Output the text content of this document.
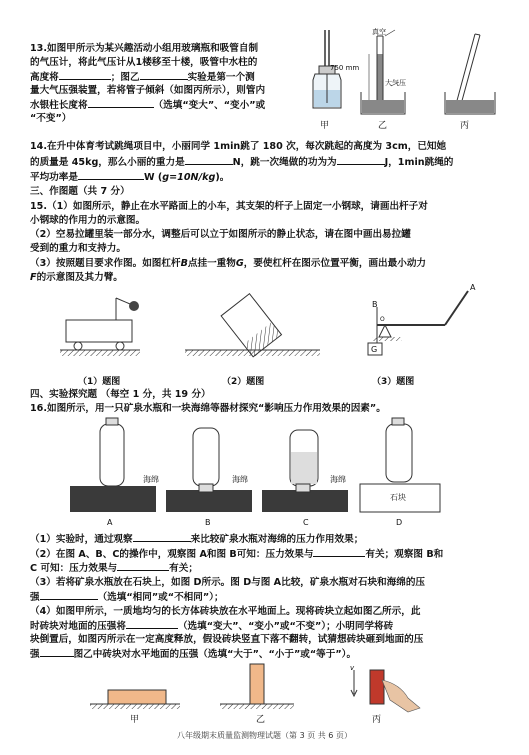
13.如图甲所示为某兴趣活动小组用玻璃瓶和吸管自制

的气压计，将此气压计从1楼移至十楼，吸管中水柱的

高度将	；图乙	实验是第一个测

量大气压强装置，若将管子倾斜（如图丙所示），则管内

水银柱长度将	（选填“变大”、“变小”或

“不变”）

真空
750 mm
大气压
甲	乙	丙

14.在升中体育考试跳绳项目中，小丽同学 1min跳了 180 次，每次跳起的高度为 3cm，已知她

的质量是 45kg，那么小丽的重力是	N，跳一次绳做的功为为	J，1min跳绳的

平均功率是	W (g=10N/kg)。

三、作图题（共 7 分）

15.（1）如图所示，静止在水平路面上的小车，其支架的杆子上固定一小钢球，请画出杆子对

小钢球的作用力的示意图。

（2）空易拉罐里装一部分水，调整后可以立于如图所示的静止状态，请在图中画出易拉罐

受到的重力和支持力。

（3）按照题目要求作图。如图杠杆B点挂一重物G，要使杠杆在图示位置平衡，画出最小动力

F的示意图及其力臂。

B
A
O
G
（1）题图	（2）题图	（3）题图

四、实验探究题 （每空 1 分，共 19 分）

16.如图所示，用一只矿泉水瓶和一块海绵等器材探究“影响压力作用效果的因素”。

海绵	海绵	海绵
石块
A	B	C	D

（1）实验时，通过观察	来比较矿泉水瓶对海绵的压力作用效果；

（2）在图 A、B、C的操作中，观察图 A和图 B可知：压力效果与	有关；观察图 B和

C 可知：压力效果与	有关；

（3）若将矿泉水瓶放在石块上，如图 D所示。图 D与图 A比较，矿泉水瓶对石块和海绵的压

强	（选填“相同”或“不相同”）；

（4）如图甲所示，一质地均匀的长方体砖块放在水平地面上。现将砖块立起如图乙所示，此

时砖块对地面的压强将	（选填“变大”、“变小”或“不变”）；小明同学将砖

块倒置后，如图丙所示在一定高度释放，假设砖块竖直下落不翻转，试猜想砖块砸到地面的压

强	图乙中砖块对水平地面的压强（选填“大于”、“小于”或“等于”）。

v
甲	乙	丙
八年级期末质量监测物理试题（第 3 页 共 6 页）
